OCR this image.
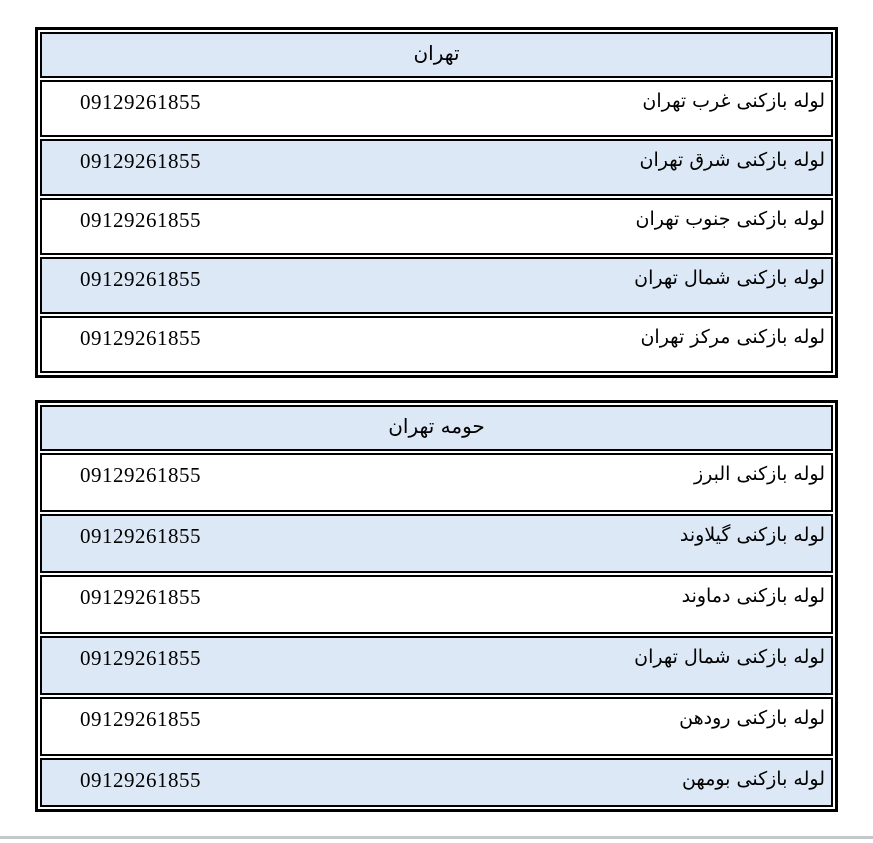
تهران
لوله بازکنی غرب تهران
09129261855
لوله بازکنی شرق تهران
09129261855
لوله بازکنی جنوب تهران
09129261855
لوله بازکنی شمال تهران
09129261855
لوله بازکنی مرکز تهران
09129261855
حومه تهران
لوله بازکنی البرز
09129261855
لوله بازکنی گیلاوند
09129261855
لوله بازکنی دماوند
09129261855
لوله بازکنی شمال تهران
09129261855
لوله بازکنی رودهن
09129261855
لوله بازکنی بومهن
09129261855
